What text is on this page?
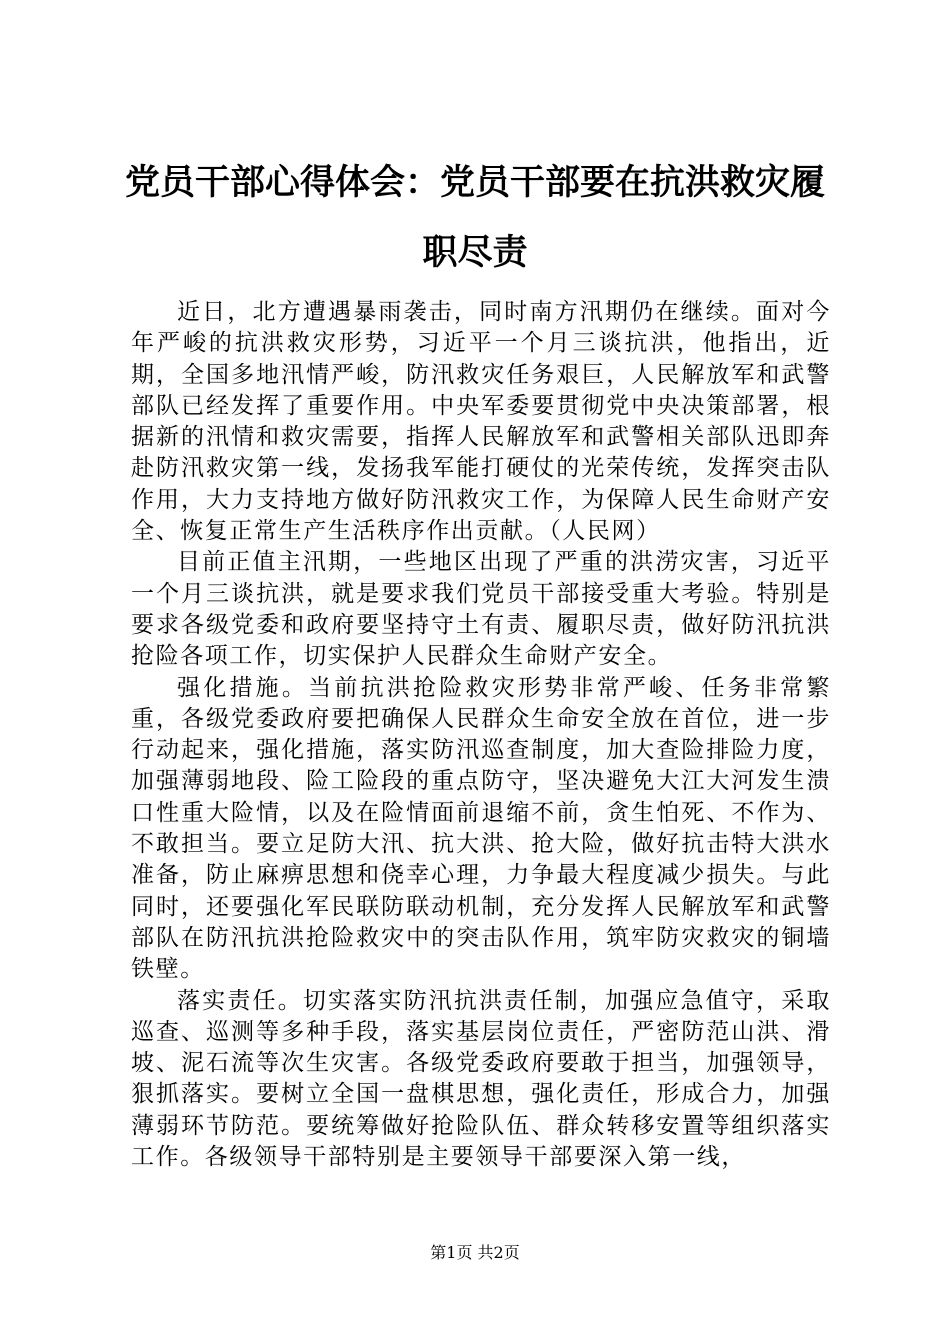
党员干部心得体会：党员干部要在抗洪救灾履职尽责

近日，北方遭遇暴雨袭击，同时南方汛期仍在继续。面对今年严峻的抗洪救灾形势，习近平一个月三谈抗洪，他指出，近期，全国多地汛情严峻，防汛救灾任务艰巨，人民解放军和武警部队已经发挥了重要作用。中央军委要贯彻党中央决策部署，根据新的汛情和救灾需要，指挥人民解放军和武警相关部队迅即奔赴防汛救灾第一线，发扬我军能打硬仗的光荣传统，发挥突击队作用，大力支持地方做好防汛救灾工作，为保障人民生命财产安全、恢复正常生产生活秩序作出贡献。（人民网）

目前正值主汛期，一些地区出现了严重的洪涝灾害，习近平一个月三谈抗洪，就是要求我们党员干部接受重大考验。特别是要求各级党委和政府要坚持守土有责、履职尽责，做好防汛抗洪抢险各项工作，切实保护人民群众生命财产安全。

强化措施。当前抗洪抢险救灾形势非常严峻、任务非常繁重，各级党委政府要把确保人民群众生命安全放在首位，进一步行动起来，强化措施，落实防汛巡查制度，加大查险排险力度，加强薄弱地段、险工险段的重点防守，坚决避免大江大河发生溃口性重大险情，以及在险情面前退缩不前，贪生怕死、不作为、不敢担当。要立足防大汛、抗大洪、抢大险，做好抗击特大洪水准备，防止麻痹思想和侥幸心理，力争最大程度减少损失。与此同时，还要强化军民联防联动机制，充分发挥人民解放军和武警部队在防汛抗洪抢险救灾中的突击队作用，筑牢防灾救灾的铜墙铁壁。

落实责任。切实落实防汛抗洪责任制，加强应急值守，采取巡查、巡测等多种手段，落实基层岗位责任，严密防范山洪、滑坡、泥石流等次生灾害。各级党委政府要敢于担当，加强领导，狠抓落实。要树立全国一盘棋思想，强化责任，形成合力，加强薄弱环节防范。要统筹做好抢险队伍、群众转移安置等组织落实工作。各级领导干部特别是主要领导干部要深入第一线，

第1页 共2页
